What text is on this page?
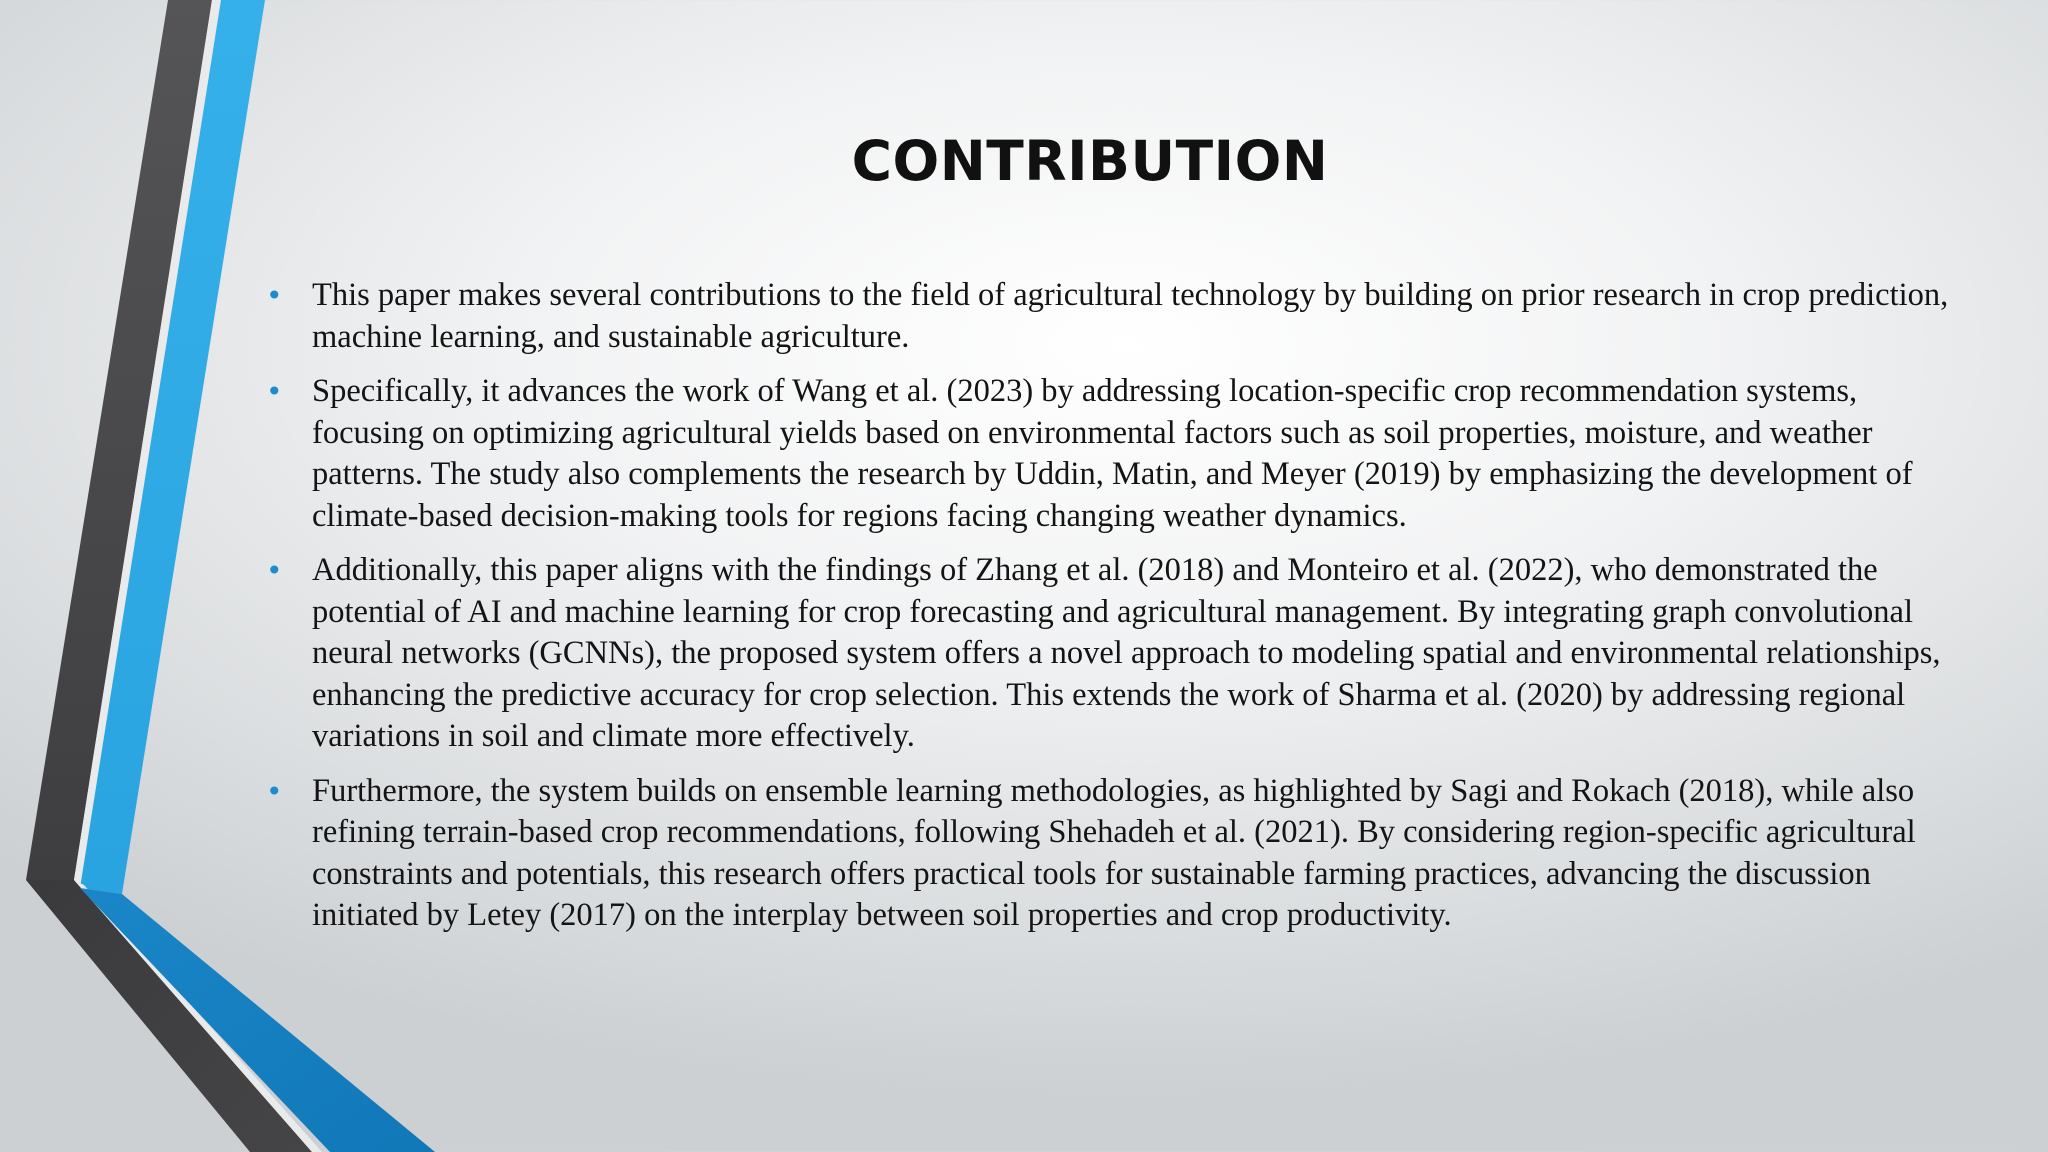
CONTRIBUTION
• This paper makes several contributions to the field of agricultural technology by building on prior research in crop prediction, machine learning, and sustainable agriculture.
• Specifically, it advances the work of Wang et al. (2023) by addressing location-specific crop recommendation systems, focusing on optimizing agricultural yields based on environmental factors such as soil properties, moisture, and weather patterns. The study also complements the research by Uddin, Matin, and Meyer (2019) by emphasizing the development of climate-based decision-making tools for regions facing changing weather dynamics.
• Additionally, this paper aligns with the findings of Zhang et al. (2018) and Monteiro et al. (2022), who demonstrated the potential of AI and machine learning for crop forecasting and agricultural management. By integrating graph convolutional neural networks (GCNNs), the proposed system offers a novel approach to modeling spatial and environmental relationships, enhancing the predictive accuracy for crop selection. This extends the work of Sharma et al. (2020) by addressing regional variations in soil and climate more effectively.
• Furthermore, the system builds on ensemble learning methodologies, as highlighted by Sagi and Rokach (2018), while also refining terrain-based crop recommendations, following Shehadeh et al. (2021). By considering region-specific agricultural constraints and potentials, this research offers practical tools for sustainable farming practices, advancing the discussion initiated by Letey (2017) on the interplay between soil properties and crop productivity.
